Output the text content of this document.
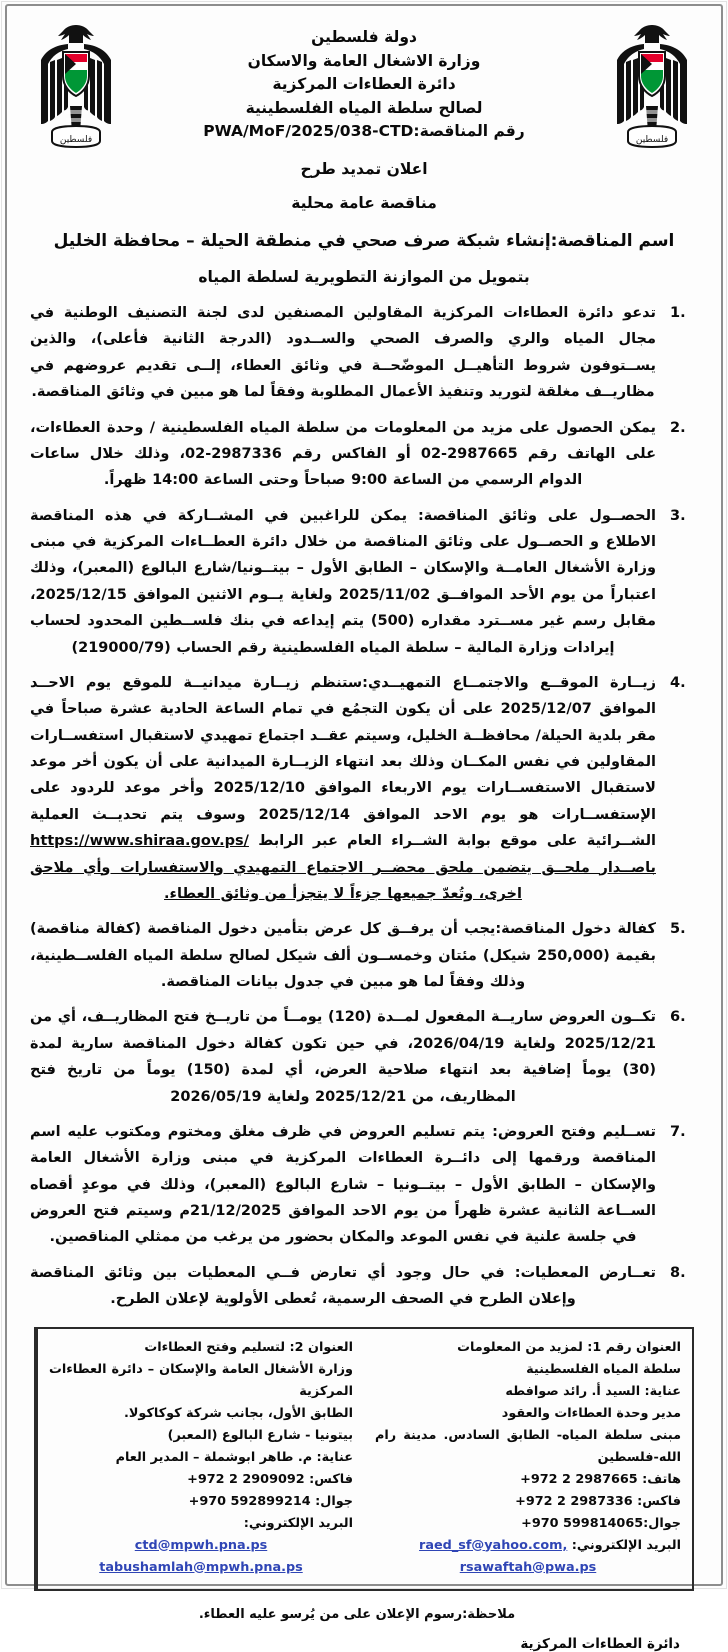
فلسطين
دولة فلسطين
وزارة الاشغال العامة والاسكان
دائرة العطاءات المركزية
لصالح سلطة المياه الفلسطينية
رقم المناقصة:PWA/MoF/2025/038-CTD
فلسطين
اعلان تمديد طرح
مناقصة عامة محلية
اسم المناقصة:إنشاء شبكة صرف صحي في منطقة الحيلة – محافظة الخليل
بتمويل من الموازنة التطويرية لسلطة المياه
1.
تدعو دائرة العطاءات المركزية المقاولين المصنفين لدى لجنة التصنيف الوطنية في مجال المياه والري والصرف الصحي والســدود (الدرجة الثانية فأعلى)، والذين يســتوفون شروط التأهيــل الموضّحــة في وثائق العطاء، إلــى تقديم عروضهم في مظاريــف مغلقة لتوريد وتنفيذ الأعمال المطلوبة وفقاً لما هو مبين في وثائق المناقصة.
2.
يمكن الحصول على مزيد من المعلومات من سلطة المياه الفلسطينية / وحدة العطاءات، على الهاتف رقم 2987665-02 أو الفاكس رقم 2987336-02، وذلك خلال ساعات الدوام الرسمي من الساعة 9:00 صباحاً وحتى الساعة 14:00 ظهراً.
3.
الحصــول على وثائق المناقصة: يمكن للراغبين في المشــاركة في هذه المناقصة الاطلاع و الحصــول على وثائق المناقصة من خلال دائرة العطــاءات المركزية في مبنى وزارة الأشغال العامــة والإسكان – الطابق الأول – بيتــونيا/شارع البالوع (المعبر)، وذلك اعتباراً من يوم الأحد الموافــق 2025/11/02 ولغاية يــوم الاثنين الموافق 2025/12/15، مقابل رسم غير مســترد مقداره (500) يتم إيداعه في بنك فلســطين المحدود لحساب إيرادات وزارة المالية – سلطة المياه الفلسطينية رقم الحساب (219000/79)
4.
زيــارة الموقــع والاجتمــاع التمهيــدي:ستنظم زيــارة ميدانيــة للموقع يوم الاحــد الموافق 2025/12/07 على أن يكون التجمُع في تمام الساعة الحادية عشرة صباحاً في مقر بلدية الحيلة/ محافظــة الخليل، وسيتم عقــد اجتماع تمهيدي لاستقبال استفســارات المقاولين في نفس المكــان وذلك بعد انتهاء الزيــارة الميدانية على أن يكون أخر موعد لاستقبال الاستفســارات يوم الاربعاء الموافق 2025/12/10 وأخر موعد للردود على الإستفســارات هو يوم الاحد الموافق 2025/12/14 وسوف يتم تحديــث العملية الشــرائية على موقع بوابة الشــراء العام عبر الرابط https://www.shiraa.gov.ps/ باصــدار ملحــق يتضمن ملحق محضــر الاجتماع التمهيدي والاستفسارات وأي ملاحق اخرى، وتُعدّ جميعها جزءاً لا يتجزأ من وثائق العطاء.
5.
كفالة دخول المناقصة:يجب أن يرفــق كل عرض بتأمين دخول المناقصة (كفالة مناقصة) بقيمة (250,000 شيكل) مئتان وخمســون ألف شيكل لصالح سلطة المياه الفلســطينية، وذلك وفقاً لما هو مبين في جدول بيانات المناقصة.
6.
تكــون العروض ساريــة المفعول لمــدة (120) يومــاً من تاريــخ فتح المظاريــف، أي من 2025/12/21 ولغاية 2026/04/19، في حين تكون كفالة دخول المناقصة سارية لمدة (30) يوماً إضافية بعد انتهاء صلاحية العرض، أي لمدة (150) يوماً من تاريخ فتح المظاريف، من 2025/12/21 ولغاية 2026/05/19
7.
تســليم وفتح العروض: يتم تسليم العروض في ظرف مغلق ومختوم ومكتوب عليه اسم المناقصة ورقمها إلى دائــرة العطاءات المركزية في مبنى وزارة الأشغال العامة والإسكان – الطابق الأول – بيتــونيا – شارع البالوع (المعبر)، وذلك في موعدٍ أقصاه الســاعة الثانية عشرة ظهراً من يوم الاحد الموافق 21/12/2025م وسيتم فتح العروض في جلسة علنية في نفس الموعد والمكان بحضور من يرغب من ممثلي المناقصين.
8.
تعــارض المعطيات: في حال وجود أي تعارض فــي المعطيات بين وثائق المناقصة وإعلان الطرح في الصحف الرسمية، تُعطى الأولوية لإعلان الطرح.
العنوان رقم 1: لمزيد من المعلومات
سلطة المياه الفلسطينية
عناية: السيد أ. رائد صوافطه
مدير وحدة العطاءات والعقود
مبنى سلطة المياه- الطابق السادس. مدينة رام الله-فلسطين
هاتف: +972 2 2987665
فاكس: +972 2 2987336
جوال:+970 599814065
البريد الإلكتروني: raed_sf@yahoo.com,
rsawaftah@pwa.ps
العنوان 2: لتسليم وفتح العطاءات
وزارة الأشغال العامة والإسكان – دائرة العطاءات المركزية
الطابق الأول، بجانب شركة كوكاكولا.
بيتونيا - شارع البالوع (المعبر)
عناية: م. طاهر ابوشملة – المدير العام
فاكس: +972 2 2909092
جوال: +970 592899214
البريد الإلكتروني:
ctd@mpwh.pna.ps
tabushamlah@mpwh.pna.ps
ملاحظة:رسوم الإعلان على من يُرسو عليه العطاء.
دائرة العطاءات المركزية
